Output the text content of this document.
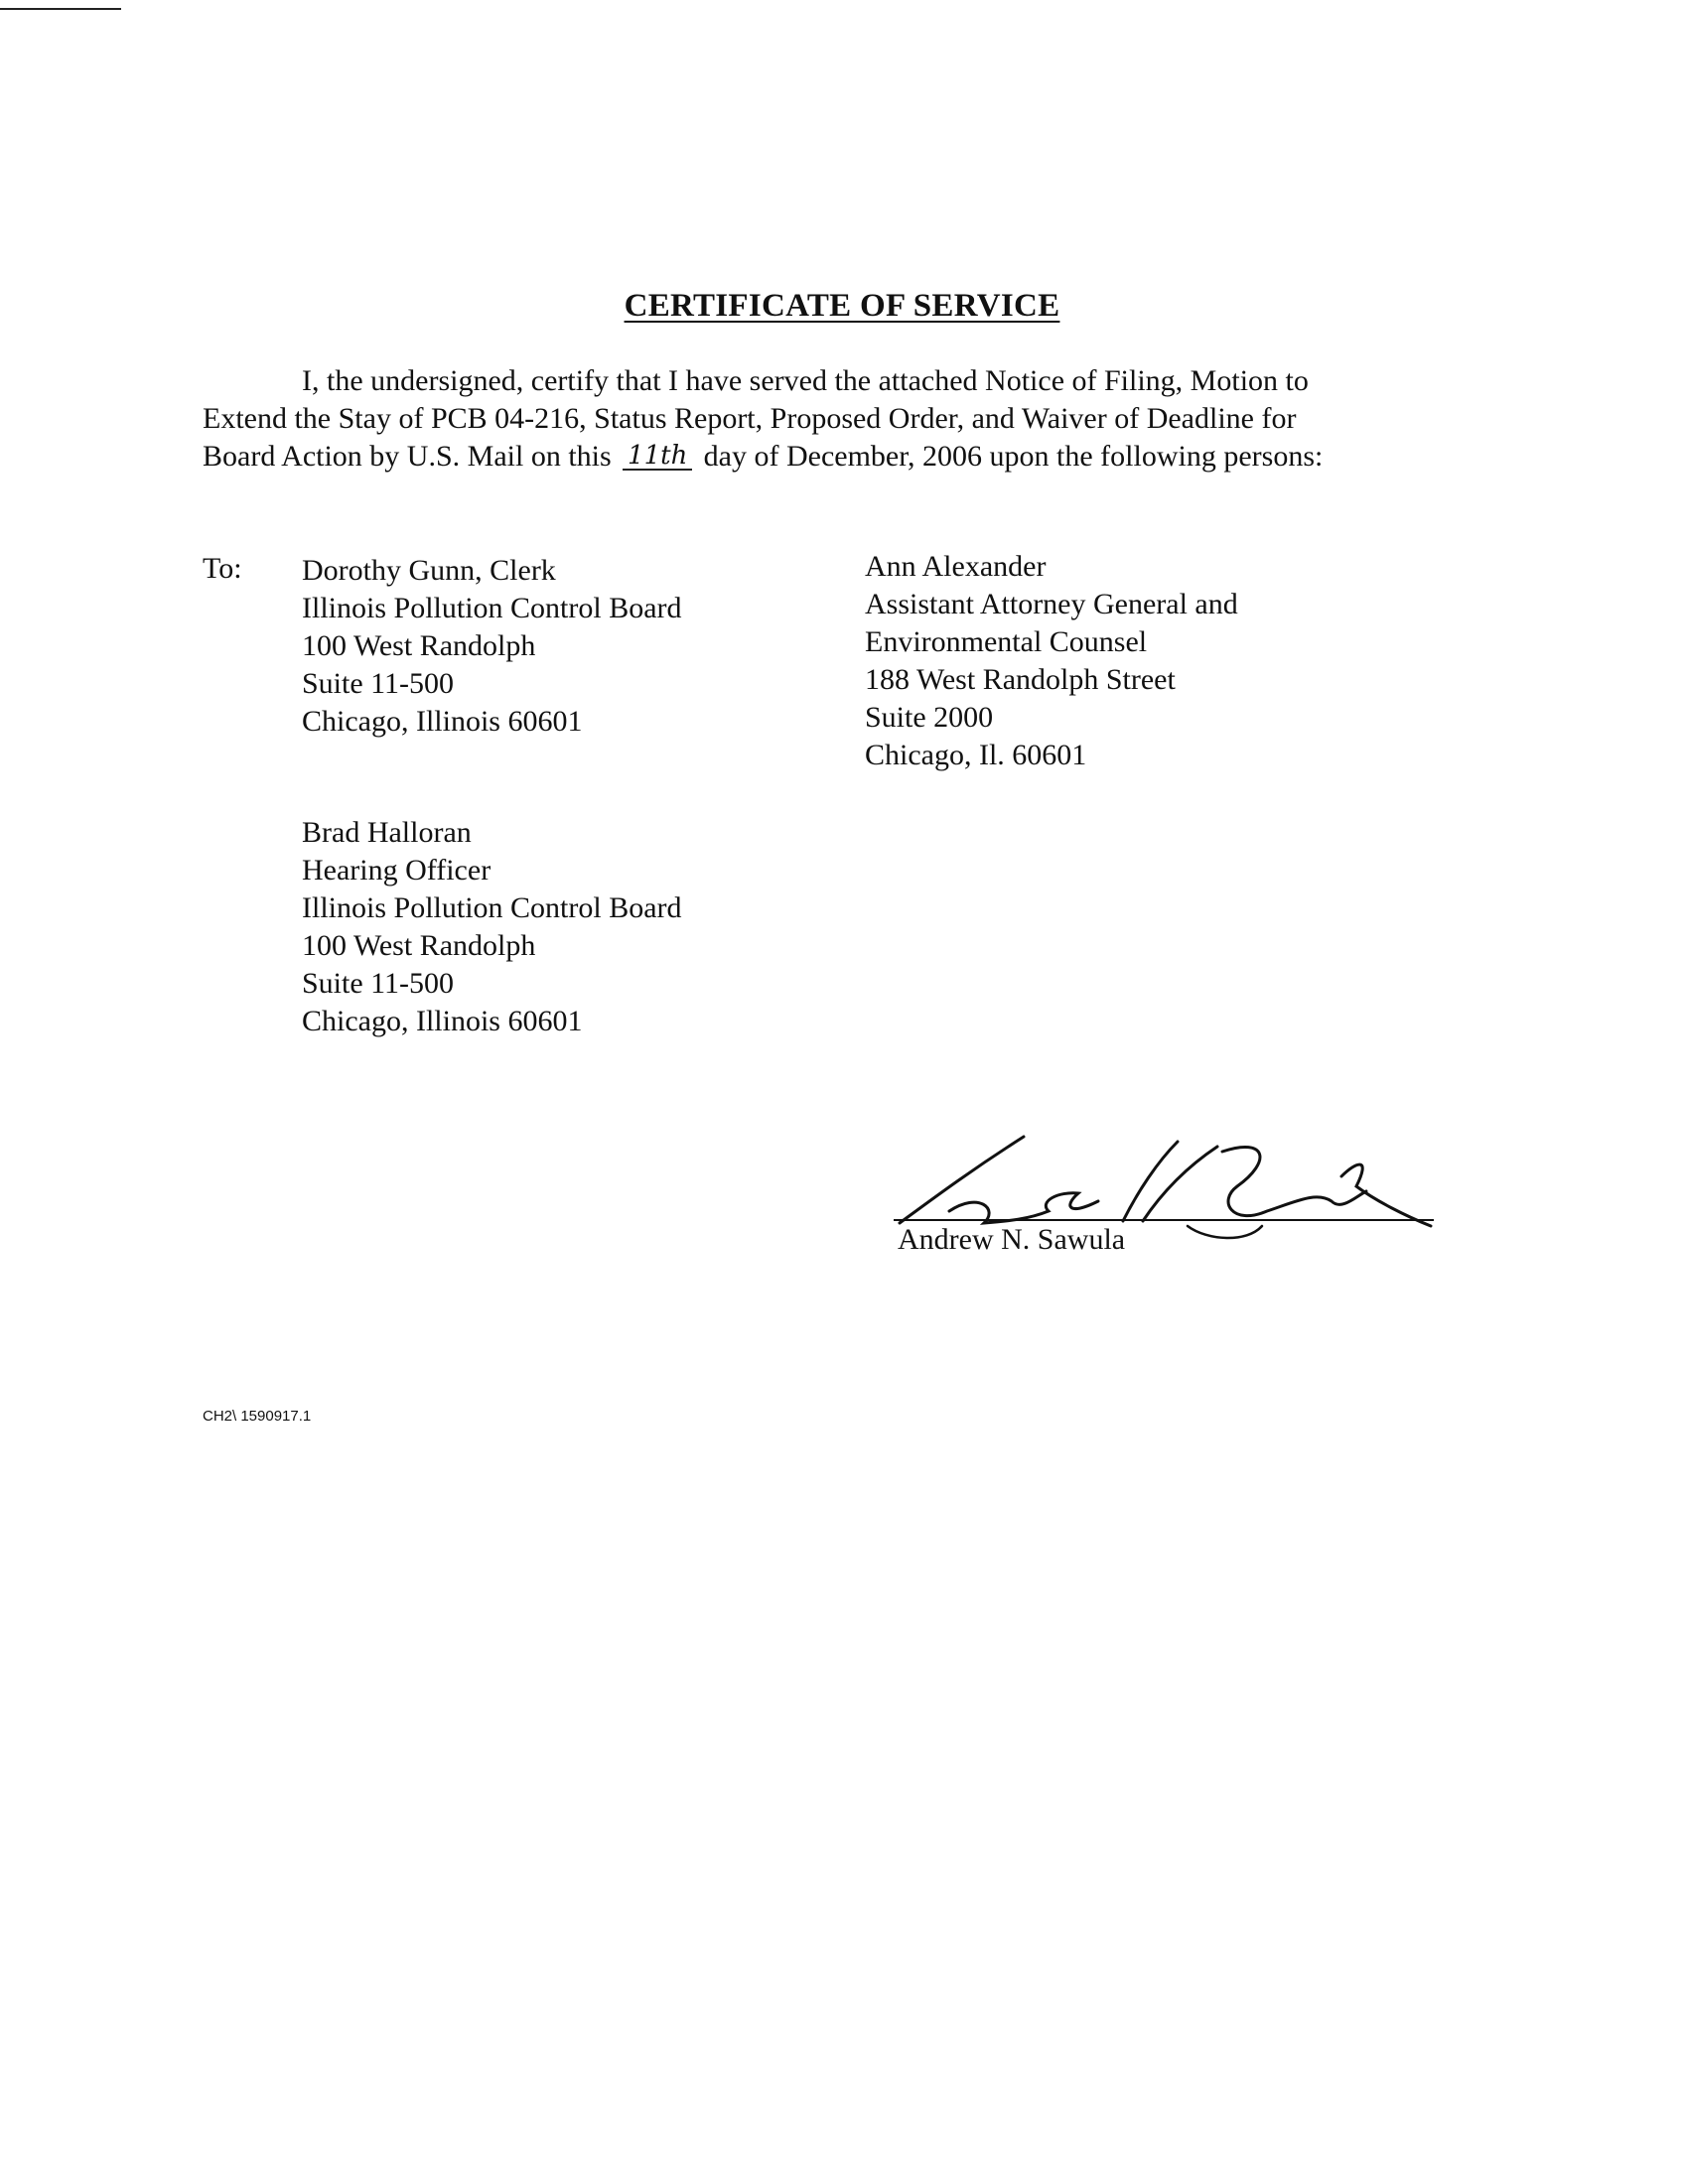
CERTIFICATE OF SERVICE
I, the undersigned, certify that I have served the attached Notice of Filing, Motion to
Extend the Stay of PCB 04-216, Status Report, Proposed Order, and Waiver of Deadline for
Board Action by U.S. Mail on this 11th day of December, 2006 upon the following persons:
To: Dorothy Gunn, Clerk
Illinois Pollution Control Board
100 West Randolph
Suite 11-500
Chicago, Illinois 60601
Ann Alexander
Assistant Attorney General and
Environmental Counsel
188 West Randolph Street
Suite 2000
Chicago, Il. 60601
Brad Halloran
Hearing Officer
Illinois Pollution Control Board
100 West Randolph
Suite 11-500
Chicago, Illinois 60601
Andrew N. Sawula
CH2\ 1590917.1
